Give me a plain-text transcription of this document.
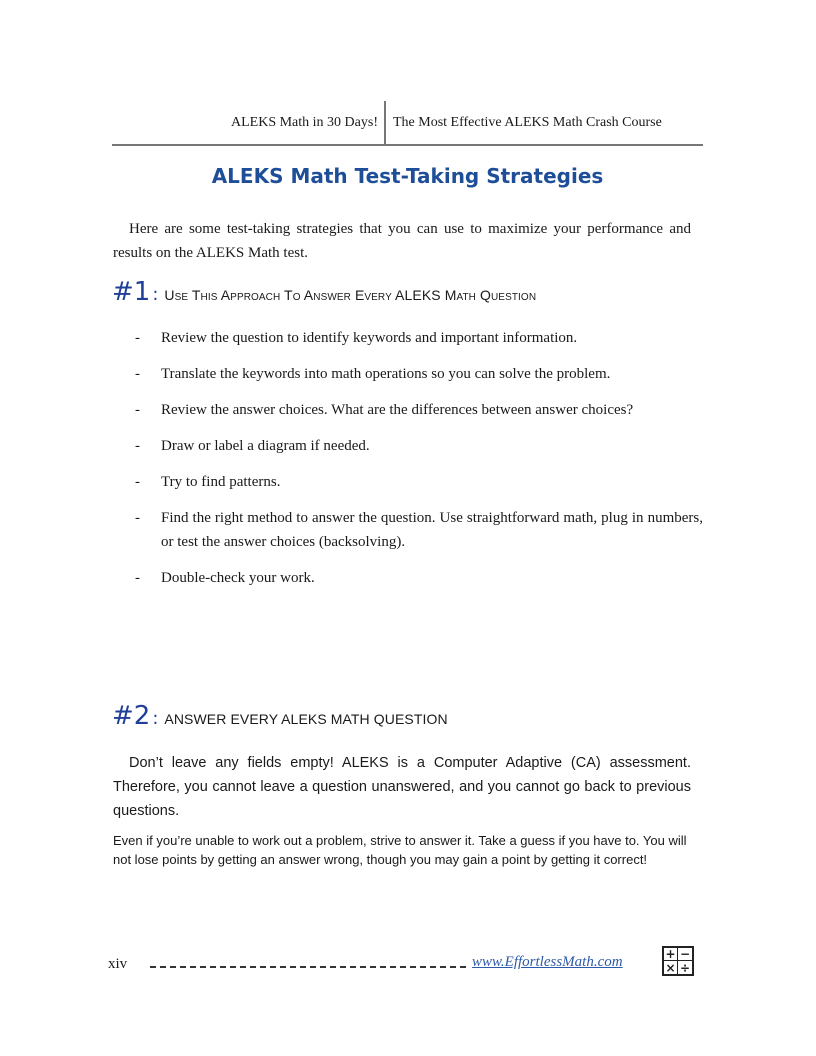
ALEKS Math in 30 Days! The Most Effective ALEKS Math Crash Course
ALEKS Math Test-Taking Strategies
Here are some test-taking strategies that you can use to maximize your performance and results on the ALEKS Math test.
#1 : Use This Approach To Answer Every ALEKS Math Question
- Review the question to identify keywords and important information.
- Translate the keywords into math operations so you can solve the problem.
- Review the answer choices. What are the differences between answer choices?
- Draw or label a diagram if needed.
- Try to find patterns.
- Find the right method to answer the question. Use straightforward math, plug in numbers, or test the answer choices (backsolving).
- Double-check your work.
#2 : ANSWER EVERY ALEKS MATH QUESTION
Don’t leave any fields empty! ALEKS is a Computer Adaptive (CA) assessment. Therefore, you cannot leave a question unanswered, and you cannot go back to previous questions.
Even if you’re unable to work out a problem, strive to answer it. Take a guess if you have to. You will not lose points by getting an answer wrong, though you may gain a point by getting it correct!
xiv	www.EffortlessMath.com	+ −
× ÷
